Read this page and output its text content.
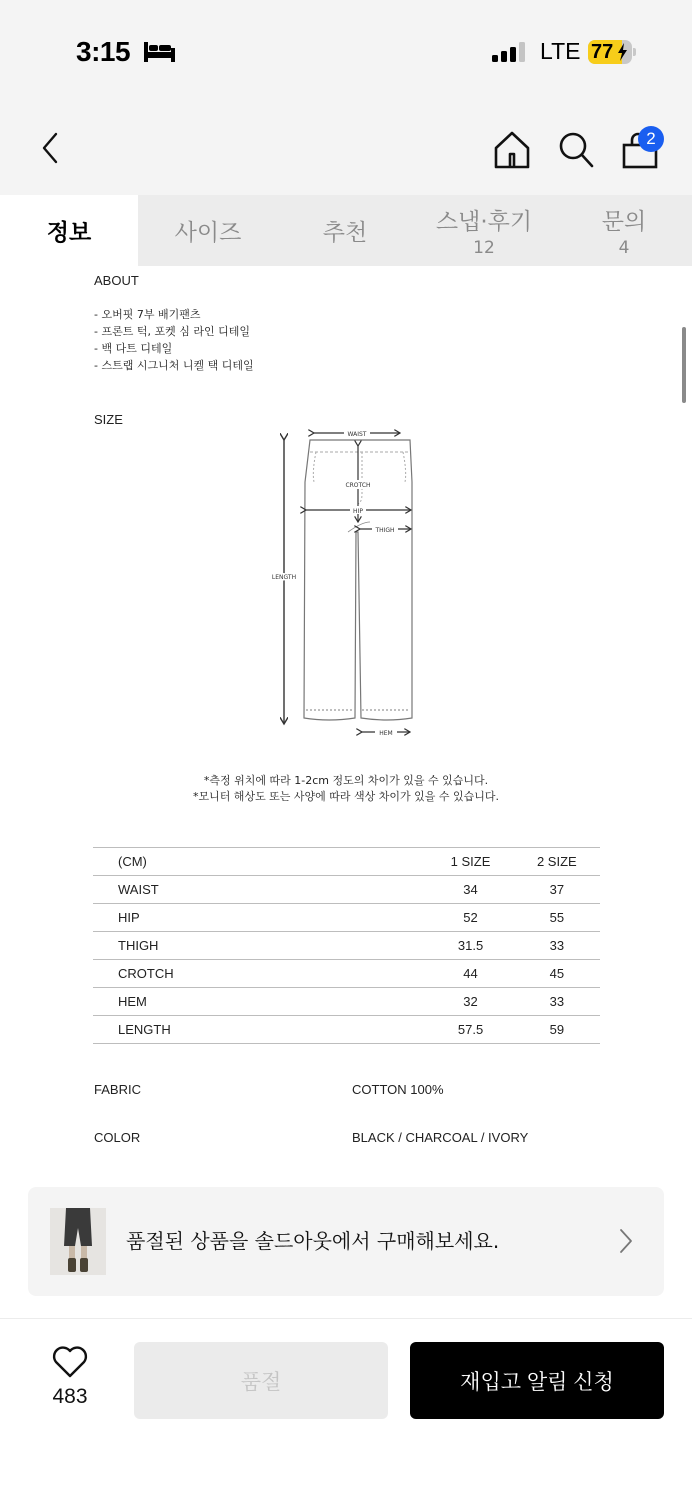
3:15	LTE 77
2
정보	사이즈	추천	스냅·후기
12
문의
4
ABOUT
- 오버핏 7부 배기팬츠
- 프론트 턱, 포켓 심 라인 디테일
- 백 다트 디테일
- 스트랩 시그니처 니켈 택 디테일
SIZE
WAIST
LENGTH
CROTCH
HIP
THIGH
HEM
*측정 위치에 따라 1-2cm 정도의 차이가 있을 수 있습니다.
*모니터 해상도 또는 사양에 따라 색상 차이가 있을 수 있습니다.
(CM)	1 SIZE	2 SIZE
WAIST	34	37
HIP	52	55
THIGH	31.5	33
CROTCH	44	45
HEM	32	33
LENGTH	57.5	59
FABRIC	COTTON 100%
COLOR	BLACK / CHARCOAL / IVORY
품절된 상품을 솔드아웃에서 구매해보세요.
483
품절	재입고 알림 신청
